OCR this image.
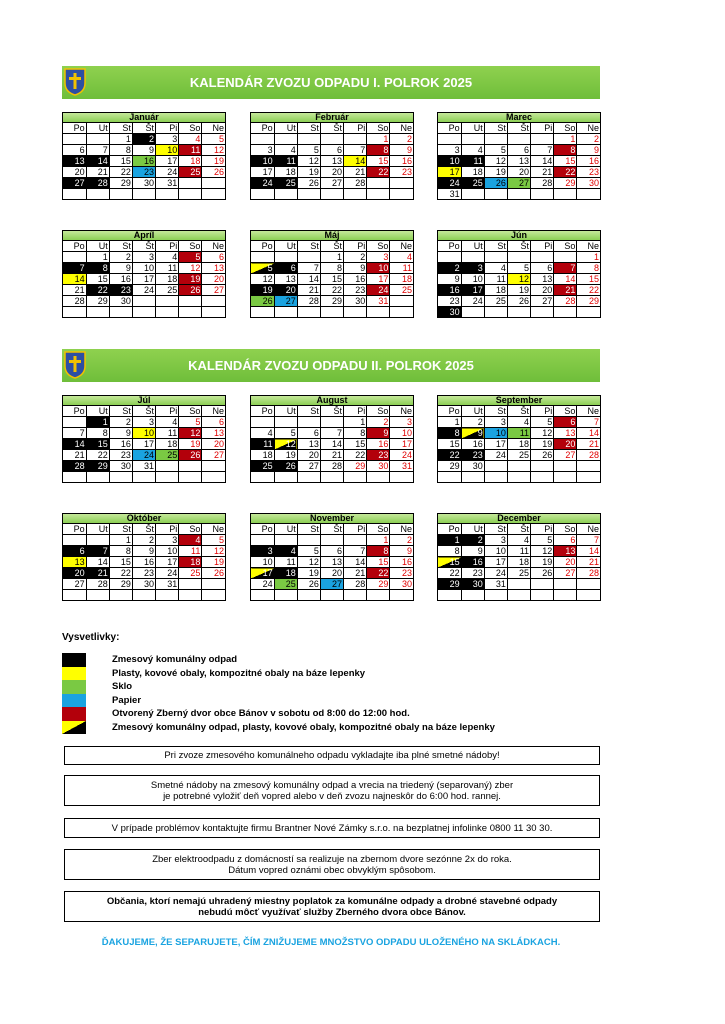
KALENDÁR ZVOZU ODPADU I. POLROK 2025
KALENDÁR ZVOZU ODPADU II. POLROK 2025
Január
Po	Ut	St	Št	Pi	So	Ne
		1	2	3	4	5
6	7	8	9	10	11	12
13	14	15	16	17	18	19
20	21	22	23	24	25	26
27	28	29	30	31		

Február
Po	Ut	St	Št	Pi	So	Ne
					1	2
3	4	5	6	7	8	9
10	11	12	13	14	15	16
17	18	19	20	21	22	23
24	25	26	27	28		

Marec
Po	Ut	St	Št	Pi	So	Ne
					1	2
3	4	5	6	7	8	9
10	11	12	13	14	15	16
17	18	19	20	21	22	23
24	25	26	27	28	29	30
31						
Apríl
Po	Ut	St	Št	Pi	So	Ne
	1	2	3	4	5	6
7	8	9	10	11	12	13
14	15	16	17	18	19	20
21	22	23	24	25	26	27
28	29	30				

Máj
Po	Ut	St	Št	Pi	So	Ne
			1	2	3	4
5	6	7	8	9	10	11
12	13	14	15	16	17	18
19	20	21	22	23	24	25
26	27	28	29	30	31	

Jún
Po	Ut	St	Št	Pi	So	Ne
						1
2	3	4	5	6	7	8
9	10	11	12	13	14	15
16	17	18	19	20	21	22
23	24	25	26	27	28	29
30						
Júl
Po	Ut	St	Št	Pi	So	Ne
	1	2	3	4	5	6
7	8	9	10	11	12	13
14	15	16	17	18	19	20
21	22	23	24	25	26	27
28	29	30	31			

August
Po	Ut	St	Št	Pi	So	Ne
				1	2	3
4	5	6	7	8	9	10
11	12	13	14	15	16	17
18	19	20	21	22	23	24
25	26	27	28	29	30	31

September
Po	Ut	St	Št	Pi	So	Ne
1	2	3	4	5	6	7
8	9	10	11	12	13	14
15	16	17	18	19	20	21
22	23	24	25	26	27	28
29	30					

Október
Po	Ut	St	Št	Pi	So	Ne
		1	2	3	4	5
6	7	8	9	10	11	12
13	14	15	16	17	18	19
20	21	22	23	24	25	26
27	28	29	30	31		

November
Po	Ut	St	Št	Pi	So	Ne
					1	2
3	4	5	6	7	8	9
10	11	12	13	14	15	16
17	18	19	20	21	22	23
24	25	26	27	28	29	30

December
Po	Ut	St	Št	Pi	So	Ne
1	2	3	4	5	6	7
8	9	10	11	12	13	14
15	16	17	18	19	20	21
22	23	24	25	26	27	28
29	30	31				

Vysvetlivky:
Zmesový komunálny odpad
Plasty, kovové obaly, kompozitné obaly na báze lepenky
Sklo
Papier
Otvorený Zberný dvor obce Bánov v sobotu od 8:00 do 12:00 hod.
Zmesový komunálny odpad, plasty, kovové obaly, kompozitné obaly na báze lepenky
Pri zvoze zmesového komunálneho odpadu vykladajte iba plné smetné nádoby!
Smetné nádoby na zmesový komunálny odpad a vrecia na triedený (separovaný) zber
je potrebné vyložiť deň vopred alebo v deň zvozu najneskôr do 6:00 hod. rannej.
V prípade problémov kontaktujte firmu Brantner Nové Zámky s.r.o. na bezplatnej infolinke 0800 11 30 30.
Zber elektroodpadu z domácností sa realizuje na zbernom dvore sezónne 2x do roka.
Dátum vopred oznámi obec obvyklým spôsobom.
Občania, ktorí nemajú uhradený miestny poplatok za komunálne odpady a drobné stavebné odpady
nebudú môcť využívať služby Zberného dvora obce Bánov.
ĎAKUJEME, ŽE SEPARUJETE, ČÍM ZNIŽUJEME MNOŽSTVO ODPADU ULOŽENÉHO NA SKLÁDKACH.
